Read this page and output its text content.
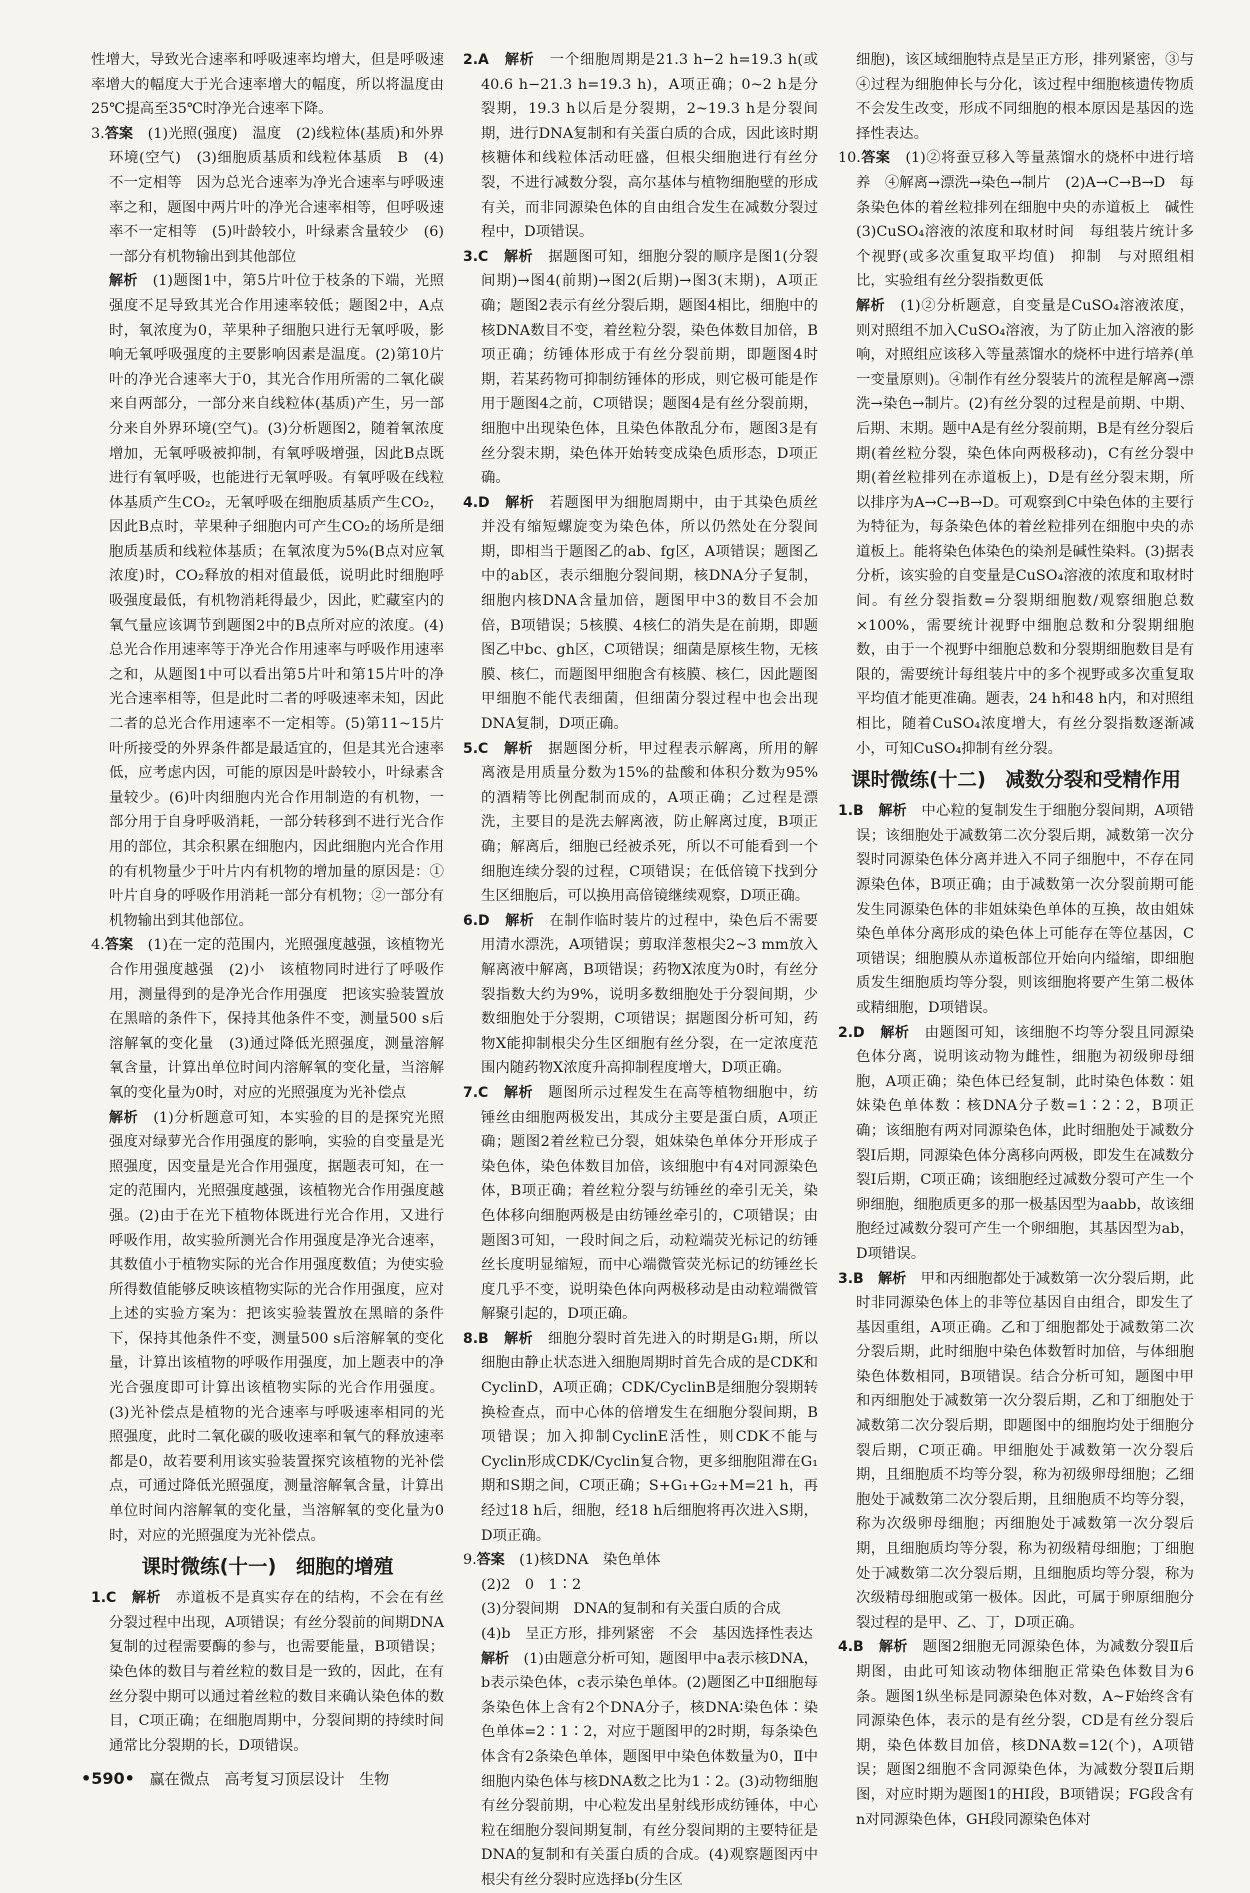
性增大，导致光合速率和呼吸速率均增大，但是呼吸速率增大的幅度大于光合速率增大的幅度，所以将温度由25℃提高至35℃时净光合速率下降。

3.答案　 (1)光照(强度)　温度　(2)线粒体(基质)和外界环境(空气)　(3)细胞质基质和线粒体基质　B　(4)不一定相等　因为总光合速率为净光合速率与呼吸速率之和，题图中两片叶的净光合速率相等，但呼吸速率不一定相等　(5)叶龄较小，叶绿素含量较少　(6)一部分有机物输出到其他部位

解析　 (1)题图1中，第5片叶位于枝条的下端，光照强度不足导致其光合作用速率较低；题图2中，A点时，氧浓度为0，苹果种子细胞只进行无氧呼吸，影响无氧呼吸强度的主要影响因素是温度。(2)第10片叶的净光合速率大于0，其光合作用所需的二氧化碳来自两部分，一部分来自线粒体(基质)产生，另一部分来自外界环境(空气)。(3)分析题图2，随着氧浓度增加，无氧呼吸被抑制，有氧呼吸增强，因此B点既进行有氧呼吸，也能进行无氧呼吸。有氧呼吸在线粒体基质产生CO₂，无氧呼吸在细胞质基质产生CO₂，因此B点时，苹果种子细胞内可产生CO₂的场所是细胞质基质和线粒体基质；在氧浓度为5%(B点对应氧浓度)时，CO₂释放的相对值最低，说明此时细胞呼吸强度最低，有机物消耗得最少，因此，贮藏室内的氧气量应该调节到题图2中的B点所对应的浓度。(4)总光合作用速率等于净光合作用速率与呼吸作用速率之和，从题图1中可以看出第5片叶和第15片叶的净光合速率相等，但是此时二者的呼吸速率未知，因此二者的总光合作用速率不一定相等。(5)第11~15片叶所接受的外界条件都是最适宜的，但是其光合速率低，应考虑内因，可能的原因是叶龄较小，叶绿素含量较少。(6)叶肉细胞内光合作用制造的有机物，一部分用于自身呼吸消耗，一部分转移到不进行光合作用的部位，其余积累在细胞内，因此细胞内光合作用的有机物量少于叶片内有机物的增加量的原因是：①叶片自身的呼吸作用消耗一部分有机物；②一部分有机物输出到其他部位。

4.答案　 (1)在一定的范围内，光照强度越强，该植物光合作用强度越强　(2)小　该植物同时进行了呼吸作用，测量得到的是净光合作用强度　把该实验装置放在黑暗的条件下，保持其他条件不变，测量500 s后溶解氧的变化量　(3)通过降低光照强度，测量溶解氧含量，计算出单位时间内溶解氧的变化量，当溶解氧的变化量为0时，对应的光照强度为光补偿点

解析　 (1)分析题意可知，本实验的目的是探究光照强度对绿萝光合作用强度的影响，实验的自变量是光照强度，因变量是光合作用强度，据题表可知，在一定的范围内，光照强度越强，该植物光合作用强度越强。(2)由于在光下植物体既进行光合作用，又进行呼吸作用，故实验所测光合作用强度是净光合速率，其数值小于植物实际的光合作用强度数值；为使实验所得数值能够反映该植物实际的光合作用强度，应对上述的实验方案为：把该实验装置放在黑暗的条件下，保持其他条件不变，测量500 s后溶解氧的变化量，计算出该植物的呼吸作用强度，加上题表中的净光合强度即可计算出该植物实际的光合作用强度。(3)光补偿点是植物的光合速率与呼吸速率相同的光照强度，此时二氧化碳的吸收速率和氧气的释放速率都是0，故若要利用该实验装置探究该植物的光补偿点，可通过降低光照强度，测量溶解氧含量，计算出单位时间内溶解氧的变化量，当溶解氧的变化量为0时，对应的光照强度为光补偿点。

课时微练(十一)　细胞的增殖

1.C　 解析　 赤道板不是真实存在的结构，不会在有丝分裂过程中出现，A项错误；有丝分裂前的间期DNA复制的过程需要酶的参与，也需要能量，B项错误；染色体的数目与着丝粒的数目是一致的，因此，在有丝分裂中期可以通过着丝粒的数目来确认染色体的数目，C项正确；在细胞周期中，分裂间期的持续时间通常比分裂期的长，D项错误。

2.A　 解析　 一个细胞周期是21.3 h−2 h=19.3 h(或40.6 h−21.3 h=19.3 h)，A项正确；0~2 h是分裂期，19.3 h以后是分裂期，2~19.3 h是分裂间期，进行DNA复制和有关蛋白质的合成，因此该时期核糖体和线粒体活动旺盛，但根尖细胞进行有丝分裂，不进行减数分裂，高尔基体与植物细胞壁的形成有关，而非同源染色体的自由组合发生在减数分裂过程中，D项错误。

3.C　 解析　 据题图可知，细胞分裂的顺序是图1(分裂间期)→图4(前期)→图2(后期)→图3(末期)，A项正确；题图2表示有丝分裂后期，题图4相比，细胞中的核DNA数目不变，着丝粒分裂，染色体数目加倍，B项正确；纺锤体形成于有丝分裂前期，即题图4时期，若某药物可抑制纺锤体的形成，则它极可能是作用于题图4之前，C项错误；题图4是有丝分裂前期，细胞中出现染色体，且染色体散乱分布，题图3是有丝分裂末期，染色体开始转变成染色质形态，D项正确。

4.D　 解析　 若题图甲为细胞周期中，由于其染色质丝并没有缩短螺旋变为染色体，所以仍然处在分裂间期，即相当于题图乙的ab、fg区，A项错误；题图乙中的ab区，表示细胞分裂间期，核DNA分子复制，细胞内核DNA含量加倍，题图甲中3的数目不会加倍，B项错误；5核膜、4核仁的消失是在前期，即题图乙中bc、gh区，C项错误；细菌是原核生物，无核膜、核仁，而题图甲细胞含有核膜、核仁，因此题图甲细胞不能代表细菌，但细菌分裂过程中也会出现DNA复制，D项正确。

5.C　 解析　 据题图分析，甲过程表示解离，所用的解离液是用质量分数为15%的盐酸和体积分数为95%的酒精等比例配制而成的，A项正确；乙过程是漂洗，主要目的是洗去解离液，防止解离过度，B项正确；解离后，细胞已经被杀死，所以不可能看到一个细胞连续分裂的过程，C项错误；在低倍镜下找到分生区细胞后，可以换用高倍镜继续观察，D项正确。

6.D　 解析　 在制作临时装片的过程中，染色后不需要用清水漂洗，A项错误；剪取洋葱根尖2~3 mm放入解离液中解离，B项错误；药物X浓度为0时，有丝分裂指数大约为9%，说明多数细胞处于分裂间期，少数细胞处于分裂期，C项错误；据题图分析可知，药物X能抑制根尖分生区细胞有丝分裂，在一定浓度范围内随药物X浓度升高抑制程度增大，D项正确。

7.C　 解析　 题图所示过程发生在高等植物细胞中，纺锤丝由细胞两极发出，其成分主要是蛋白质，A项正确；题图2着丝粒已分裂，姐妹染色单体分开形成子染色体，染色体数目加倍，该细胞中有4对同源染色体，B项正确；着丝粒分裂与纺锤丝的牵引无关，染色体移向细胞两极是由纺锤丝牵引的，C项错误；由题图3可知，一段时间之后，动粒端荧光标记的纺锤丝长度明显缩短，而中心端微管荧光标记的纺锤丝长度几乎不变，说明染色体向两极移动是由动粒端微管解聚引起的，D项正确。

8.B　 解析　 细胞分裂时首先进入的时期是G₁期，所以细胞由静止状态进入细胞周期时首先合成的是CDK和CyclinD，A项正确；CDK/CyclinB是细胞分裂期转换检查点，而中心体的倍增发生在细胞分裂间期，B项错误；加入抑制CyclinE活性，则CDK不能与Cyclin形成CDK/Cyclin复合物，更多细胞阻滞在G₁期和S期之间，C项正确；S+G₁+G₂+M=21 h，再经过18 h后，细胞，经18 h后细胞将再次进入S期，D项正确。

9.答案　 (1)核DNA　染色单体

(2)2　0　1∶2

(3)分裂间期　DNA的复制和有关蛋白质的合成

(4)b　呈正方形，排列紧密　不会　基因选择性表达

解析　 (1)由题意分析可知，题图甲中a表示核DNA，b表示染色体，c表示染色单体。(2)题图乙中Ⅱ细胞每条染色体上含有2个DNA分子，核DNA∶染色体∶染色单体=2∶1∶2，对应于题图甲的2时期，每条染色体含有2条染色单体，题图甲中染色体数量为0，Ⅱ中细胞内染色体与核DNA数之比为1∶2。(3)动物细胞有丝分裂前期，中心粒发出星射线形成纺锤体，中心粒在细胞分裂间期复制，有丝分裂间期的主要特征是DNA的复制和有关蛋白质的合成。(4)观察题图丙中根尖有丝分裂时应选择b(分生区

细胞)，该区域细胞特点是呈正方形，排列紧密，③与④过程为细胞伸长与分化，该过程中细胞核遗传物质不会发生改变，形成不同细胞的根本原因是基因的选择性表达。

10.答案　 (1)②将蚕豆移入等量蒸馏水的烧杯中进行培养　④解离→漂洗→染色→制片　(2)A→C→B→D　每条染色体的着丝粒排列在细胞中央的赤道板上　碱性　(3)CuSO₄溶液的浓度和取材时间　每组装片统计多个视野(或多次重复取平均值)　抑制　与对照组相比，实验组有丝分裂指数更低

解析　 (1)②分析题意，自变量是CuSO₄溶液浓度，则对照组不加入CuSO₄溶液，为了防止加入溶液的影响，对照组应该移入等量蒸馏水的烧杯中进行培养(单一变量原则)。④制作有丝分裂装片的流程是解离→漂洗→染色→制片。(2)有丝分裂的过程是前期、中期、后期、末期。题中A是有丝分裂前期，B是有丝分裂后期(着丝粒分裂，染色体向两极移动)，C有丝分裂中期(着丝粒排列在赤道板上)，D是有丝分裂末期，所以排序为A→C→B→D。可观察到C中染色体的主要行为特征为，每条染色体的着丝粒排列在细胞中央的赤道板上。能将染色体染色的染剂是碱性染料。(3)据表分析，该实验的自变量是CuSO₄溶液的浓度和取材时间。有丝分裂指数=分裂期细胞数/观察细胞总数×100%，需要统计视野中细胞总数和分裂期细胞数，由于一个视野中细胞总数和分裂期细胞数目是有限的，需要统计每组装片中的多个视野或多次重复取平均值才能更准确。题表，24 h和48 h内，和对照组相比，随着CuSO₄浓度增大，有丝分裂指数逐渐减小，可知CuSO₄抑制有丝分裂。

课时微练(十二)　减数分裂和受精作用

1.B　 解析　 中心粒的复制发生于细胞分裂间期，A项错误；该细胞处于减数第二次分裂后期，减数第一次分裂时同源染色体分离并进入不同子细胞中，不存在同源染色体，B项正确；由于减数第一次分裂前期可能发生同源染色体的非姐妹染色单体的互换，故由姐妹染色单体分离形成的染色体上可能存在等位基因，C项错误；细胞膜从赤道板部位开始向内缢缩，即细胞质发生细胞质均等分裂，则该细胞将要产生第二极体或精细胞，D项错误。

2.D　 解析　 由题图可知，该细胞不均等分裂且同源染色体分离，说明该动物为雌性，细胞为初级卵母细胞，A项正确；染色体已经复制，此时染色体数∶姐妹染色单体数∶核DNA分子数=1∶2∶2，B项正确；该细胞有两对同源染色体，此时细胞处于减数分裂Ⅰ后期，同源染色体分离移向两极，即发生在减数分裂Ⅰ后期，C项正确；该细胞经过减数分裂可产生一个卵细胞，细胞质更多的那一极基因型为aabb，故该细胞经过减数分裂可产生一个卵细胞，其基因型为ab，D项错误。

3.B　 解析　 甲和丙细胞都处于减数第一次分裂后期，此时非同源染色体上的非等位基因自由组合，即发生了基因重组，A项正确。乙和丁细胞都处于减数第二次分裂后期，此时细胞中染色体数暂时加倍，与体细胞染色体数相同，B项错误。结合分析可知，题图中甲和丙细胞处于减数第一次分裂后期，乙和丁细胞处于减数第二次分裂后期，即题图中的细胞均处于细胞分裂后期，C项正确。甲细胞处于减数第一次分裂后期，且细胞质不均等分裂，称为初级卵母细胞；乙细胞处于减数第二次分裂后期，且细胞质不均等分裂，称为次级卵母细胞；丙细胞处于减数第一次分裂后期，且细胞质均等分裂，称为初级精母细胞；丁细胞处于减数第二次分裂后期，且细胞质均等分裂，称为次级精母细胞或第一极体。因此，可属于卵原细胞分裂过程的是甲、乙、丁，D项正确。

4.B　 解析　 题图2细胞无同源染色体，为减数分裂Ⅱ后期图，由此可知该动物体细胞正常染色体数目为6条。题图1纵坐标是同源染色体对数，A~F始终含有同源染色体，表示的是有丝分裂，CD是有丝分裂后期，染色体数目加倍，核DNA数=12(个)，A项错误；题图2细胞不含同源染色体，为减数分裂Ⅱ后期图，对应时期为题图1的HI段，B项错误；FG段含有n对同源染色体，GH段同源染色体对

•590• 赢在微点 高考复习顶层设计 生物
